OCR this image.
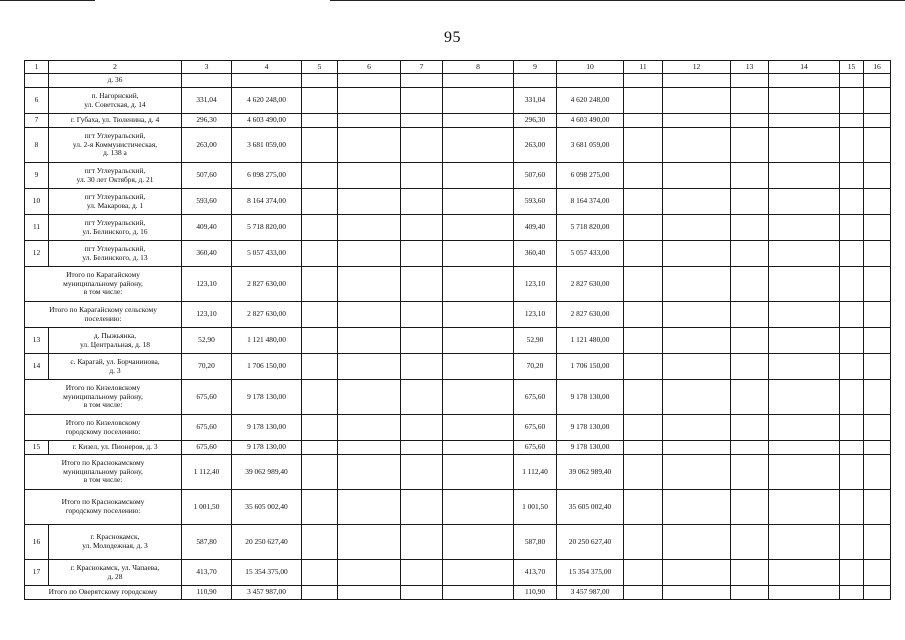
95
1	2	3	4	5	6	7	8	9	10	11	12	13	14	15	16

	д. 36														

6	п. Нагорнский,
ул. Советская, д. 14	331,04	4 620 248,00					331,04	4 620 248,00						
7	г. Губаха, ул. Тюленина, д. 4	296,30	4 603 490,00					296,30	4 603 490,00						
8	пгт Углеуральский,
ул. 2-я Коммунистическая,
д. 138 а	263,00	3 681 059,00					263,00	3 681 059,00						
9	пгт Углеуральский,
ул. 30 лет Октября, д. 21	507,60	6 098 275,00					507,60	6 098 275,00						
10	пгт Углеуральский,
ул. Макарова, д. 1	593,60	8 164 374,00					593,60	8 164 374,00						
11	пгт Углеуральский,
ул. Белинского, д. 16	409,40	5 718 820,00					409,40	5 718 820,00						
12	пгт Углеуральский,
ул. Белинского, д. 13	360,40	5 057 433,00					360,40	5 057 433,00						

Итого по Карагайскому
муниципальному району,
в том числе:		123,10	2 827 630,00					123,10	2 827 630,00						

Итого по Карагайскому сельскому
поселению:		123,10	2 827 630,00					123,10	2 827 630,00						
13	д. Пыжьянка,
ул. Центральная, д. 18	52,90	1 121 480,00					52,90	1 121 480,00						
14	с. Карагай, ул. Борчанинова,
д. 3	70,20	1 706 150,00					70,20	1 706 150,00						

Итого по Кизеловскому
муниципальному району,
в том числе:		675,60	9 178 130,00					675,60	9 178 130,00						

Итого по Кизеловскому
городскому поселению:		675,60	9 178 130,00					675,60	9 178 130,00						
15	г. Кизел, ул. Пионеров, д. 3	675,60	9 178 130,00					675,60	9 178 130,00						

Итого по Краснокамскому
муниципальному району,
в том числе:		1 112,40	39 062 989,40					1 112,40	39 062 989,40						

Итого по Краснокамскому
городскому поселению:		1 001,50	35 605 002,40					1 001,50	35 605 002,40						
16	г. Краснокамск,
ул. Молодежная, д. 3	587,80	20 250 627,40					587,80	20 250 627,40						
17	г. Краснокамск, ул. Чапаева,
д. 28	413,70	15 354 375,00					413,70	15 354 375,00						

Итого по Оверятскому городскому		110,90	3 457 987,00					110,90	3 457 987,00						
